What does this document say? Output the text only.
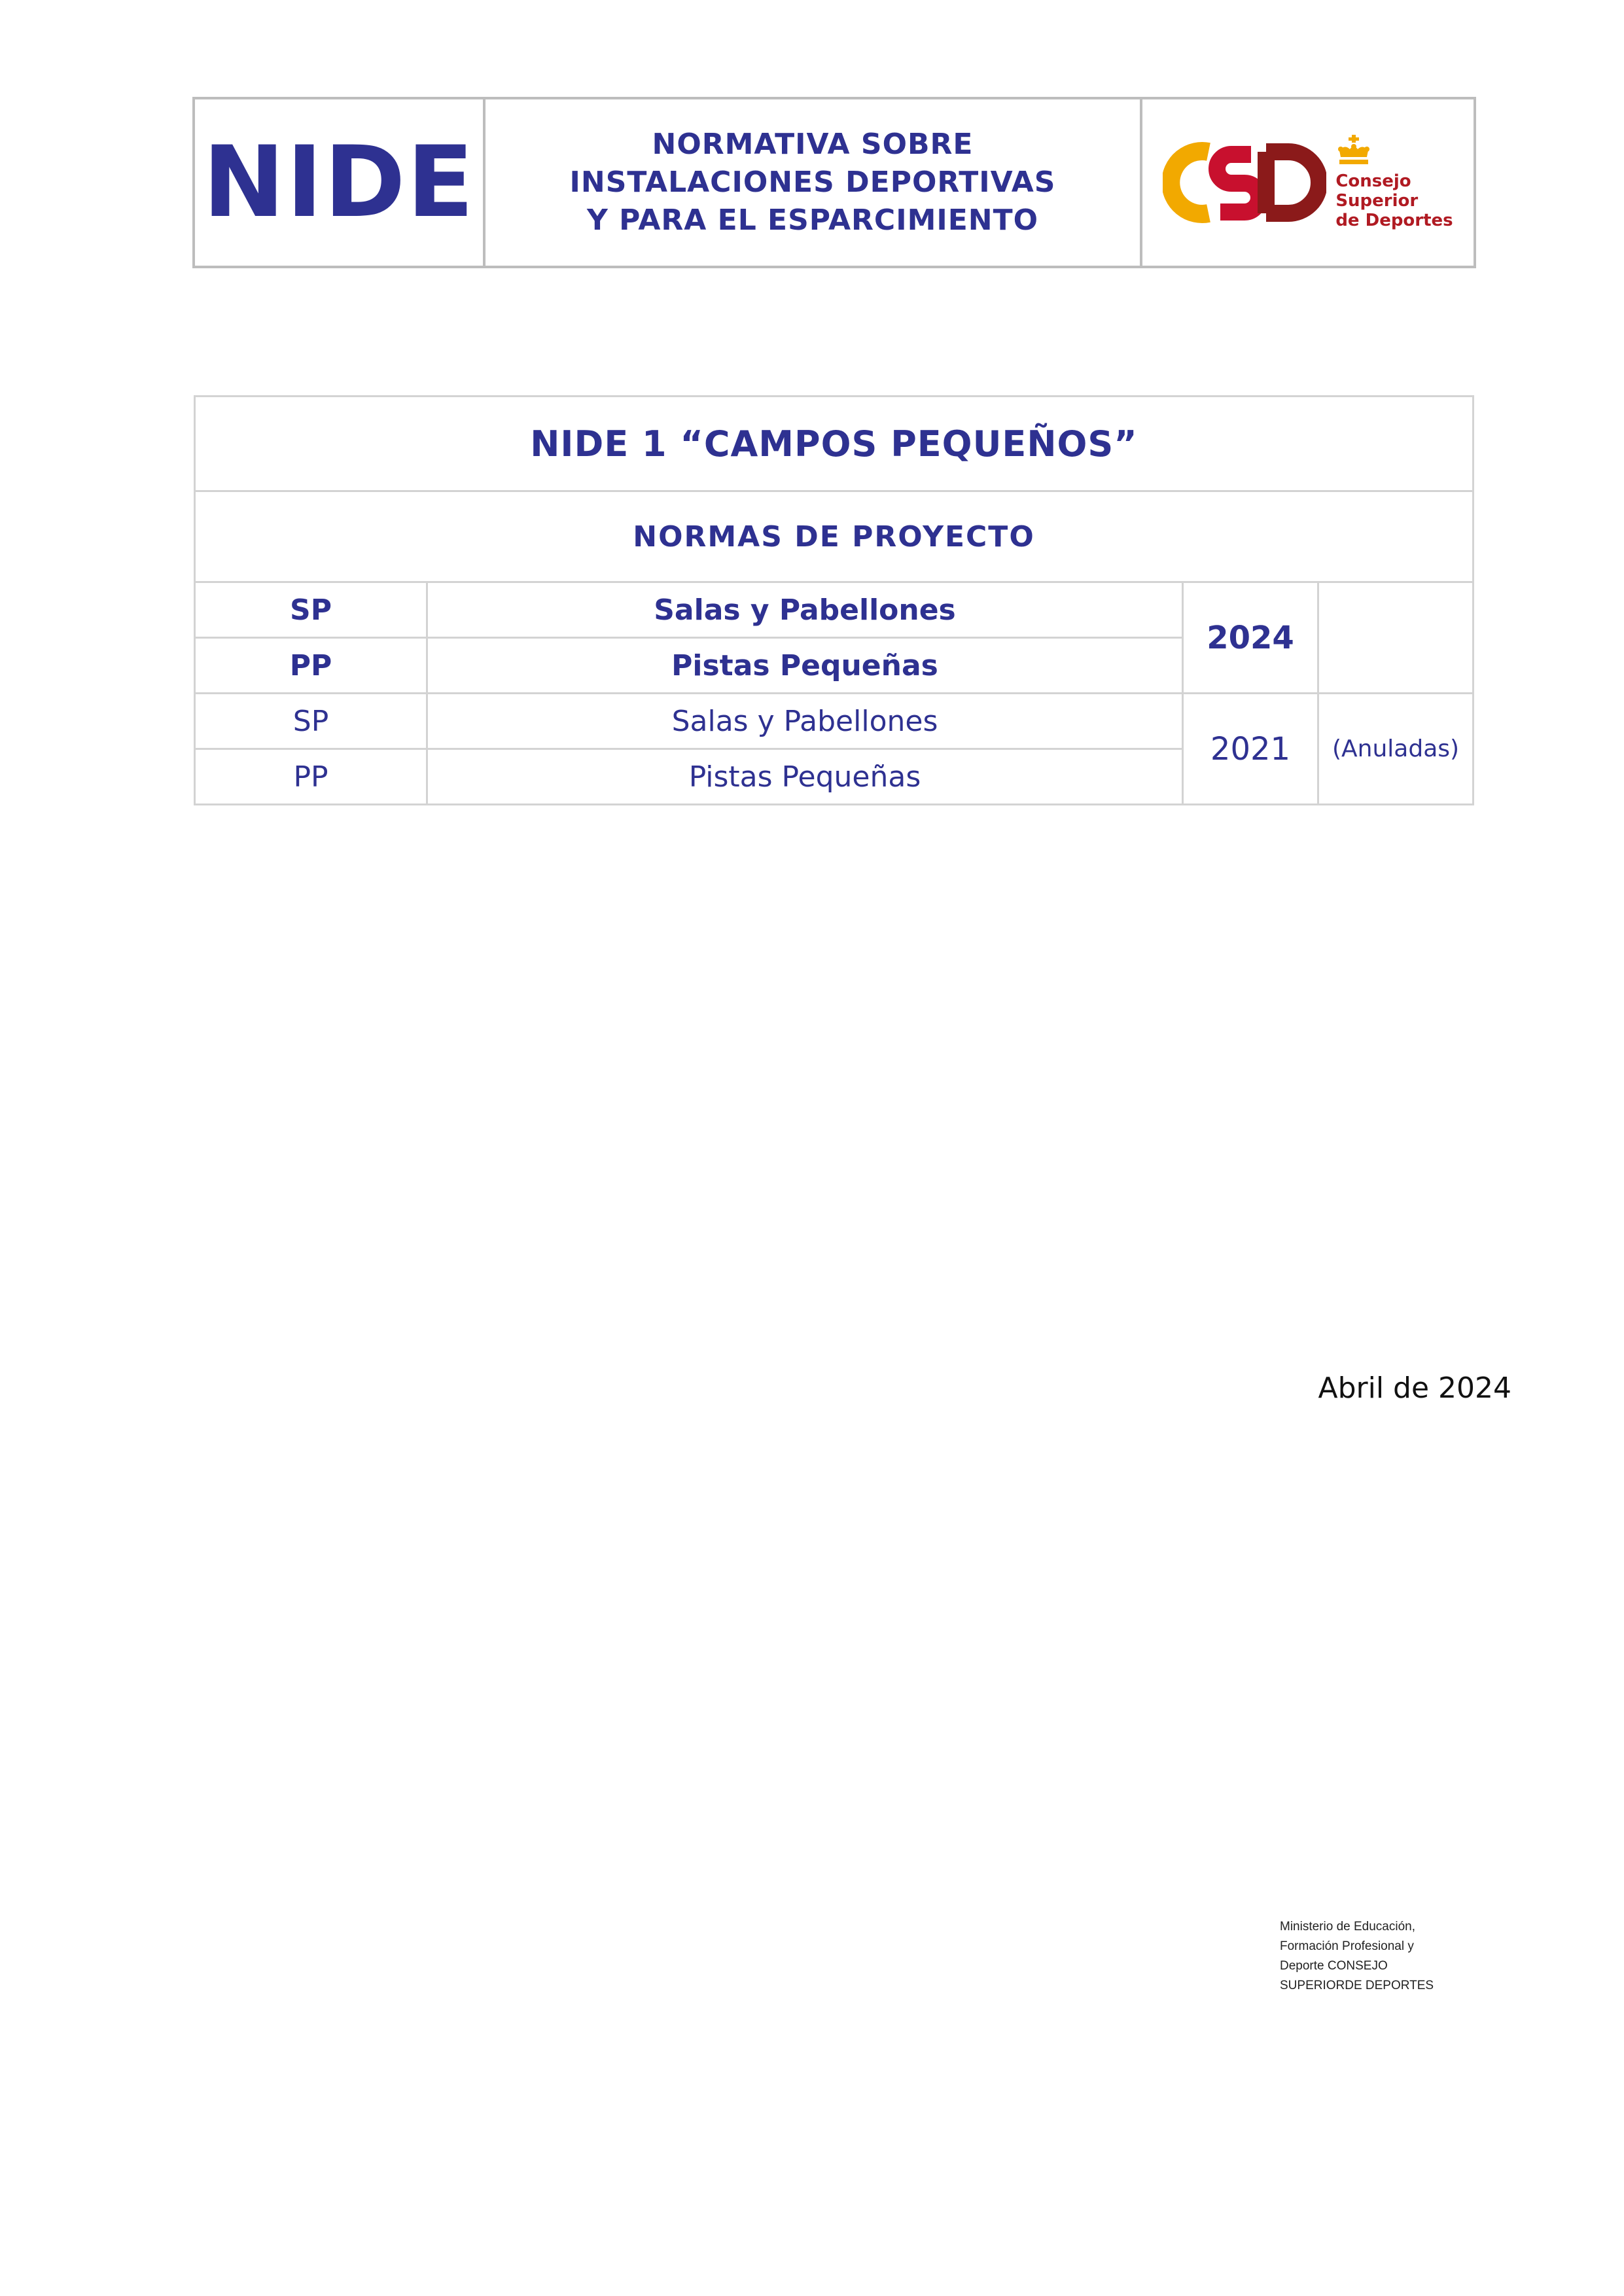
NIDE	NORMATIVA SOBRE
INSTALACIONES DEPORTIVAS
Y PARA EL ESPARCIMIENTO

Consejo
Superior
de Deportes
NIDE 1 “CAMPOS PEQUEÑOS”			
NORMAS DE PROYECTO			
SP	Salas y Pabellones	2024	
PP	Pistas Pequeñas		
SP	Salas y Pabellones	2021	(Anuladas)
PP	Pistas Pequeñas		
Abril de 2024
Ministerio de Educación,
Formación Profesional y
Deporte CONSEJO
SUPERIORDE DEPORTES
